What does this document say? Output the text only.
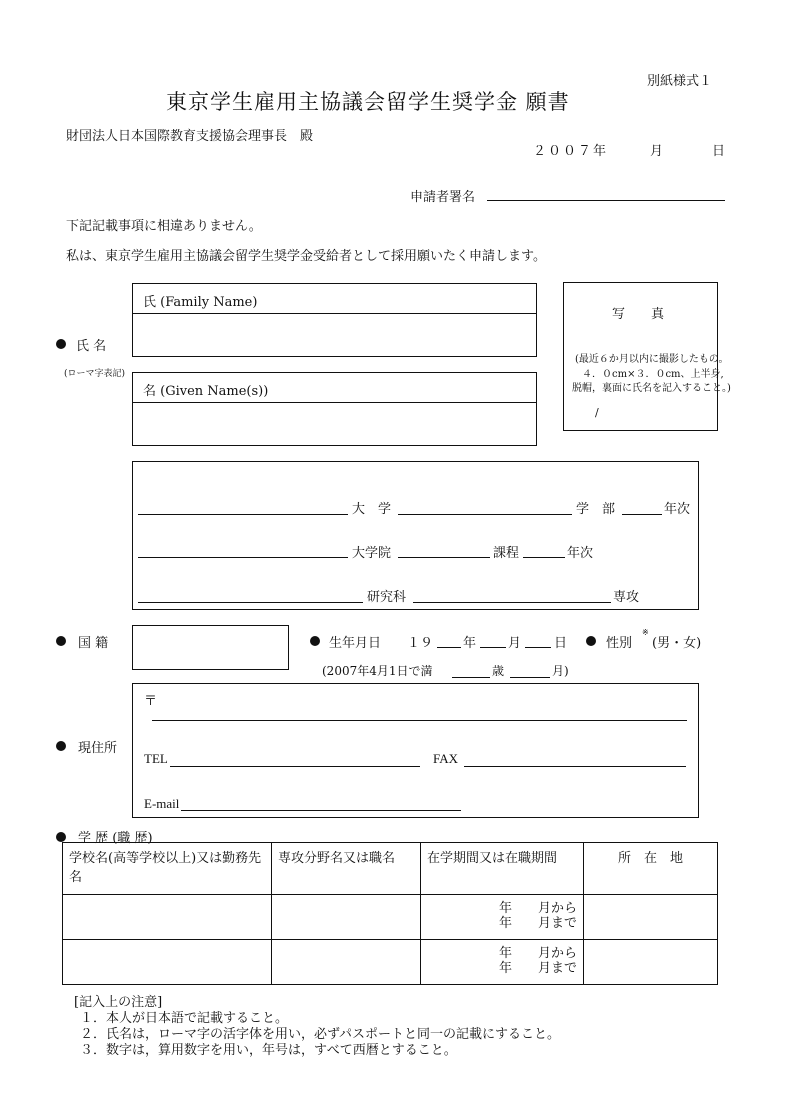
別紙様式１
東京学生雇用主協議会留学生奨学金 願書
財団法人日本国際教育支援協会理事長　殿
２００７年	月	日
申請者署名
下記記載事項に相違ありません。
私は、東京学生雇用主協議会留学生奨学金受給者として採用願いたく申請します。
氏 名
(ローマ字表記)
氏 (Family Name)
名 (Given Name(s))
写　　真
(最近６か月以内に撮影したもの。
４．０cm×３．０cm、上半身,
脱帽，裏面に氏名を記入すること。)
/
大　学	学　部	年次
大学院	課程	年次
研究科	専攻
国 籍	生年月日 １９ 年 月	日	性別
※
(男・女)
(2007年4月1日で満	歳	月)
現住所
〒
TEL	FAX
E-mail
学 歴 (職 歴)
学校名(高等学校以上)又は勤務先名	専攻分野名又は職名	在学期間又は在職期間	所　在　地

		年　　月から
年　　月まで	

		年　　月から
年　　月まで	

[記入上の注意]
１．本人が日本語で記載すること。
２．氏名は，ローマ字の活字体を用い，必ずパスポートと同一の記載にすること。
３．数字は，算用数字を用い，年号は，すべて西暦とすること。
